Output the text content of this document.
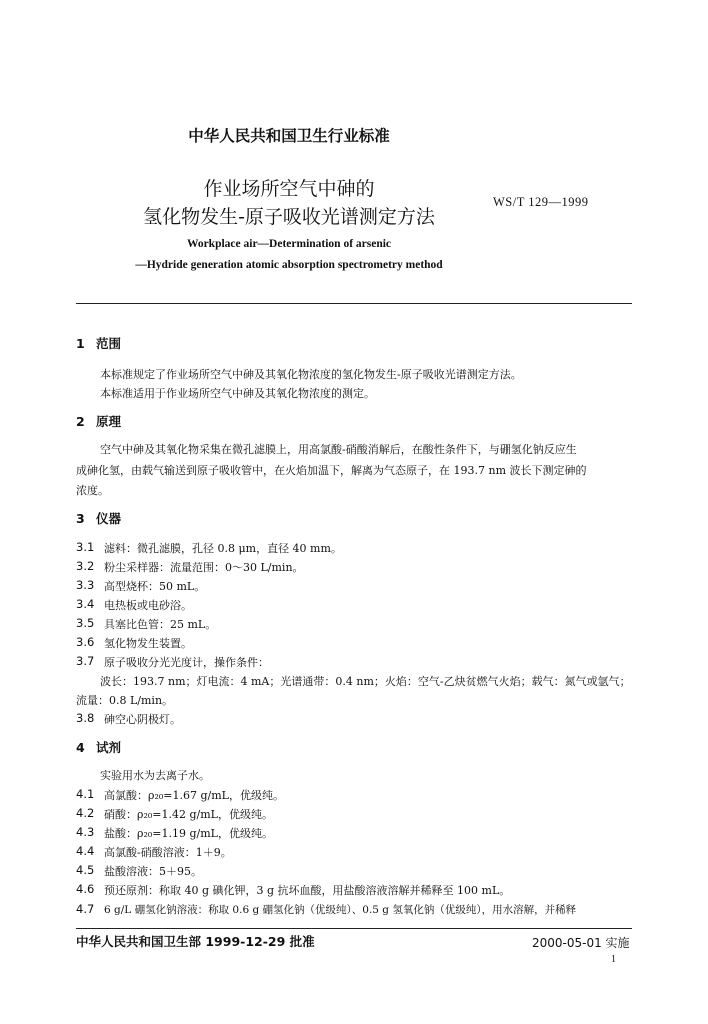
中华人民共和国卫生行业标准
作业场所空气中砷的
氢化物发生-原子吸收光谱测定方法
WS/T 129—1999
Workplace air—Determination of arsenic
—Hydride generation atomic absorption spectrometry method
1 范围
本标准规定了作业场所空气中砷及其氧化物浓度的氢化物发生-原子吸收光谱测定方法。
本标准适用于作业场所空气中砷及其氧化物浓度的测定。
2 原理
空气中砷及其氧化物采集在微孔滤膜上，用高氯酸-硝酸消解后，在酸性条件下，与硼氢化钠反应生
成砷化氢，由载气输送到原子吸收管中，在火焰加温下，解离为气态原子，在 193.7 nm 波长下测定砷的
浓度。
3 仪器
3.1 滤料：微孔滤膜，孔径 0.8 μm，直径 40 mm。
3.2 粉尘采样器：流量范围：0～30 L/min。
3.3 高型烧杯：50 mL。
3.4 电热板或电砂浴。
3.5 具塞比色管：25 mL。
3.6 氢化物发生装置。
3.7 原子吸收分光光度计，操作条件：
波长：193.7 nm；灯电流：4 mA；光谱通带：0.4 nm；火焰：空气-乙炔贫燃气火焰；载气：氮气或氩气；
流量：0.8 L/min。
3.8 砷空心阴极灯。
4 试剂
实验用水为去离子水。
4.1 高氯酸：ρ₂₀=1.67 g/mL，优级纯。
4.2 硝酸：ρ₂₀=1.42 g/mL，优级纯。
4.3 盐酸：ρ₂₀=1.19 g/mL，优级纯。
4.4 高氯酸-硝酸溶液：1＋9。
4.5 盐酸溶液：5＋95。
4.6 预还原剂：称取 40 g 碘化钾，3 g 抗坏血酸，用盐酸溶液溶解并稀释至 100 mL。
4.7 6 g/L 硼氢化钠溶液：称取 0.6 g 硼氢化钠（优级纯）、0.5 g 氢氧化钠（优级纯），用水溶解，并稀释
中华人民共和国卫生部 1999-12-29 批准	2000-05-01 实施
1
